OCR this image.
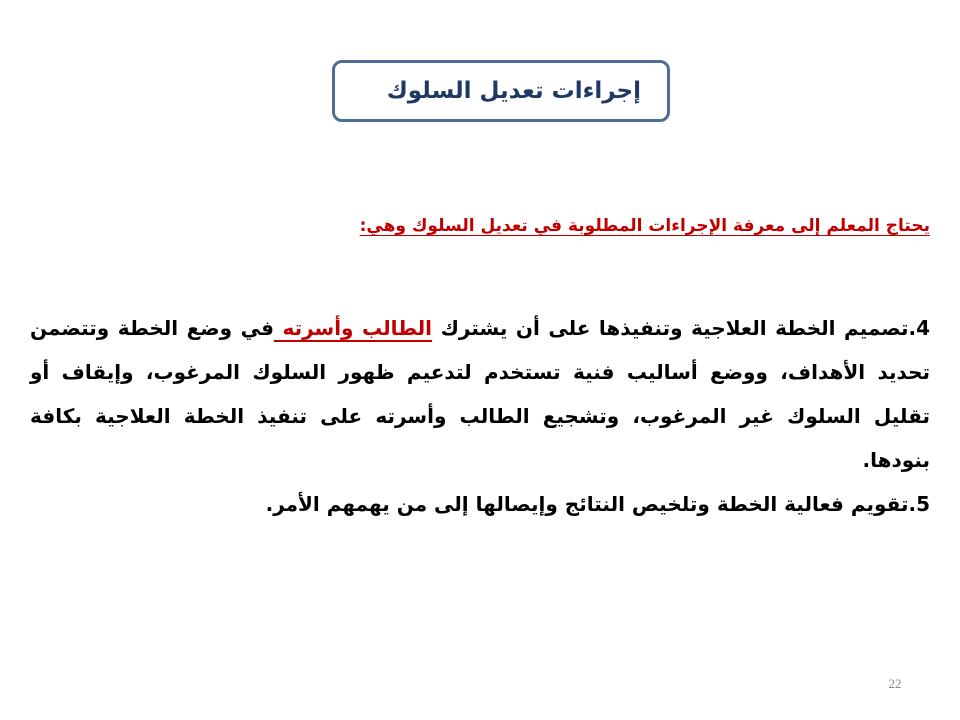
إجراءات تعديل السلوك

يحتاج المعلم إلى معرفة الإجراءات المطلوبة في تعديل السلوك وهي:

4.تصميم الخطة العلاجية وتنفيذها على أن يشترك الطالب وأسرته في وضع الخطة وتتضمن تحديد الأهداف، ووضع أساليب فنية تستخدم لتدعيم ظهور السلوك المرغوب، وإيقاف أو تقليل السلوك غير المرغوب، وتشجيع الطالب وأسرته على تنفيذ الخطة العلاجية بكافة بنودها.

5.تقويم فعالية الخطة وتلخيص النتائج وإيصالها إلى من يهمهم الأمر.

22
